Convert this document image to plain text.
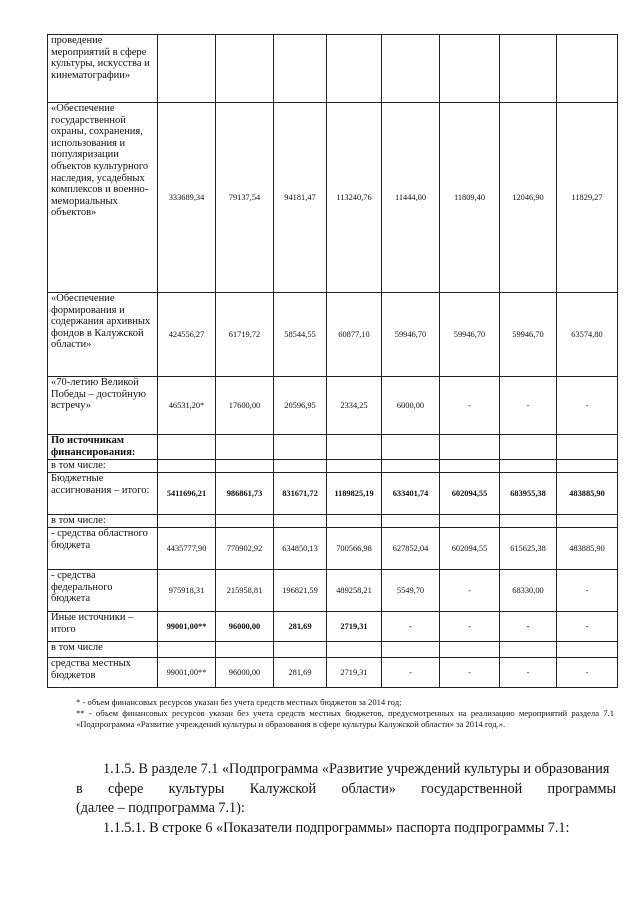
проведение мероприятий в сфере культуры, искусства и кинематографии»								
«Обеспечение государственной охраны, сохранения, использования и популяризации объектов культурного наследия, усадебных комплексов и военно-мемориальных объектов»	333689,34	79137,54	94181,47	113240,76	11444,00	11809,40	12046,90	11829,27
«Обеспечение формирования и содержания архивных фондов в Калужской области»	424556,27	61719,72	58544,55	60877,10	59946,70	59946,70	59946,70	63574,80
«70-летию Великой Победы – достойную встречу»	46531,20*	17600,00	20596,95	2334,25	6000,00	-	-	-
По источникам финансирования:								
в том числе:								
Бюджетные ассигнования – итого:	5411696,21	986861,73	831671,72	1189825,19	633401,74	602094,55	683955,38	483885,90
в том числе:								
- средства областного бюджета	4435777,90	770902,92	634850,13	700566,98	627852,04	602094,55	615625,38	483885,90
- средства федерального бюджета	975918,31	215958,81	196821,59	489258,21	5549,70	-	68330,00	-
Иные источники – итого	99001,00**	96000,00	281,69	2719,31	-	-	-	-
в том числе								
средства местных бюджетов	99001,00**	96000,00	281,69	2719,31	-	-	-	-

* - объем финансовых ресурсов указан без учета средств местных бюджетов за 2014 год;

** - объем финансовых ресурсов указан без учета средств местных бюджетов, предусмотренных на реализацию мероприятий раздела 7.1 «Подпрограмма «Развитие учреждений культуры и образования в сфере культуры Калужской области» за 2014 год.».

1.1.5. В разделе 7.1 «Подпрограмма «Развитие учреждений культуры и образования

в сфере культуры Калужской области» государственной программы

(далее – подпрограмма 7.1):

1.1.5.1. В строке 6 «Показатели подпрограммы» паспорта подпрограммы 7.1:
